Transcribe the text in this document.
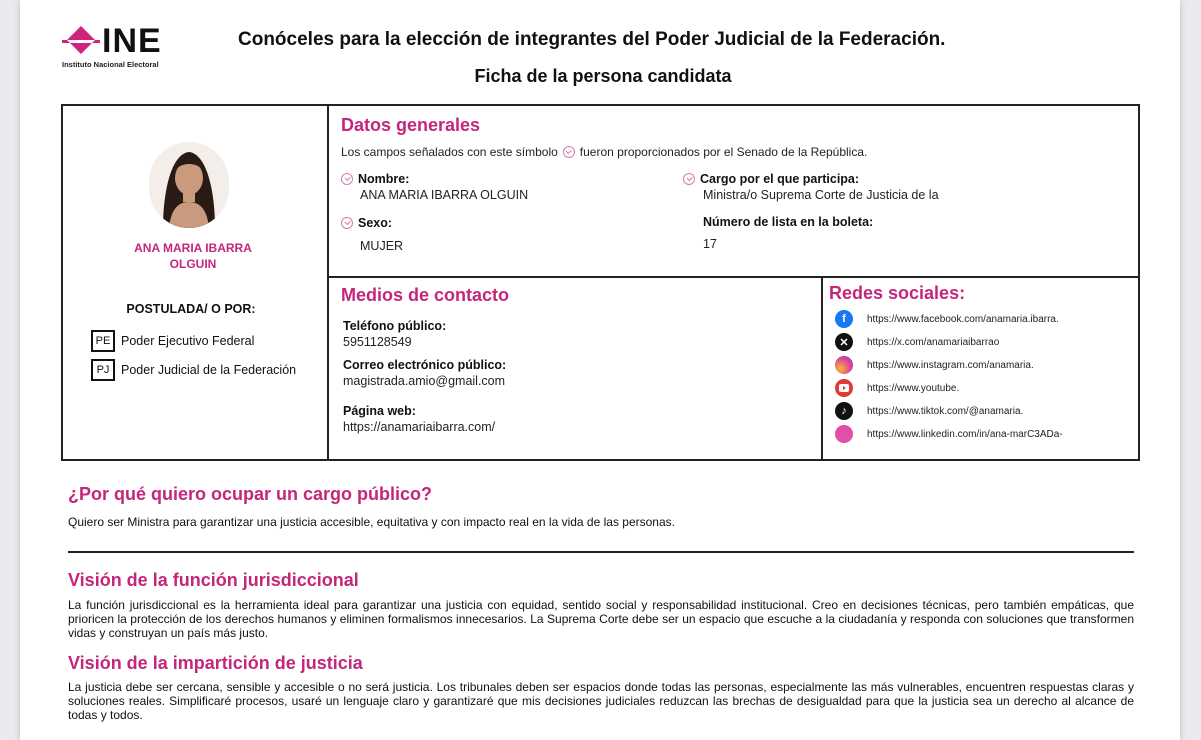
INE
Instituto Nacional Electoral
Conóceles para la elección de integrantes del Poder Judicial de la Federación.
Ficha de la persona candidata
ANA MARIA IBARRA
OLGUIN
POSTULADA/ O POR:
PE Poder Ejecutivo Federal
PJ Poder Judicial de la Federación
Datos generales
Los campos señalados con este símbolo fueron proporcionados por el Senado de la República.
Nombre:
ANA MARIA IBARRA OLGUIN
Sexo:
MUJER
Cargo por el que participa:
Ministra/o Suprema Corte de Justicia de la
Número de lista en la boleta:
17
Medios de contacto
Teléfono público:
5951128549
Correo electrónico público:
magistrada.amio@gmail.com
Página web:
https://anamariaibarra.com/
Redes sociales:
f	https://www.facebook.com/anamaria.ibarra.
✕	https://x.com/anamariaibarrao
https://www.instagram.com/anamaria.
https://www.youtube.
♪	https://www.tiktok.com/@anamaria.
https://www.linkedin.com/in/ana-marC3ADa-
¿Por qué quiero ocupar un cargo público?
Quiero ser Ministra para garantizar una justicia accesible, equitativa y con impacto real en la vida de las personas.
Visión de la función jurisdiccional
La función jurisdiccional es la herramienta ideal para garantizar una justicia con equidad, sentido social y responsabilidad institucional. Creo en decisiones técnicas, pero también empáticas, que prioricen la protección de los derechos humanos y eliminen formalismos innecesarios. La Suprema Corte debe ser un espacio que escuche a la ciudadanía y responda con soluciones que transformen vidas y construyan un país más justo.
Visión de la impartición de justicia
La justicia debe ser cercana, sensible y accesible o no será justicia. Los tribunales deben ser espacios donde todas las personas, especialmente las más vulnerables, encuentren respuestas claras y soluciones reales. Simplificaré procesos, usaré un lenguaje claro y garantizaré que mis decisiones judiciales reduzcan las brechas de desigualdad para que la justicia sea un derecho al alcance de todas y todos.
